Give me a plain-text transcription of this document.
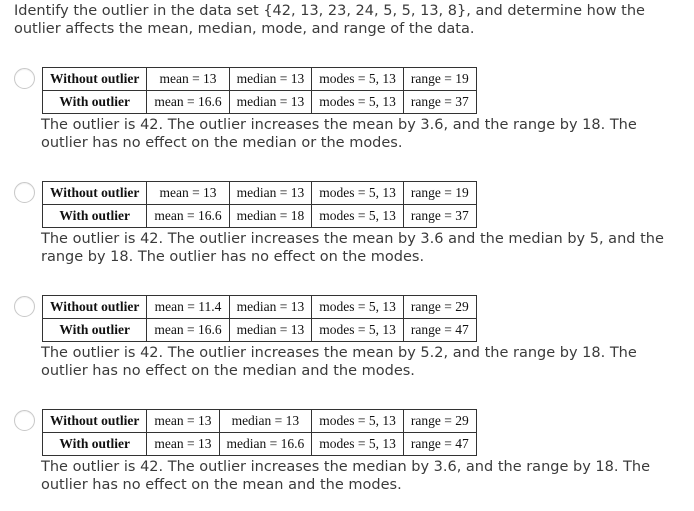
Identify the outlier in the data set {42, 13, 23, 24, 5, 5, 13, 8}, and determine how the outlier affects the mean, median, mode, and range of the data.
Without outlier	mean = 13	median = 13	modes = 5, 13	range = 19
With outlier	mean = 16.6	median = 13	modes = 5, 13	range = 37
The outlier is 42. The outlier increases the mean by 3.6, and the range by 18. The outlier has no effect on the median or the modes.
Without outlier	mean = 13	median = 13	modes = 5, 13	range = 19
With outlier	mean = 16.6	median = 18	modes = 5, 13	range = 37
The outlier is 42. The outlier increases the mean by 3.6 and the median by 5, and the range by 18. The outlier has no effect on the modes.
Without outlier	mean = 11.4	median = 13	modes = 5, 13	range = 29
With outlier	mean = 16.6	median = 13	modes = 5, 13	range = 47
The outlier is 42. The outlier increases the mean by 5.2, and the range by 18. The outlier has no effect on the median and the modes.
Without outlier	mean = 13	median = 13	modes = 5, 13	range = 29
With outlier	mean = 13	median = 16.6	modes = 5, 13	range = 47
The outlier is 42. The outlier increases the median by 3.6, and the range by 18. The outlier has no effect on the mean and the modes.
